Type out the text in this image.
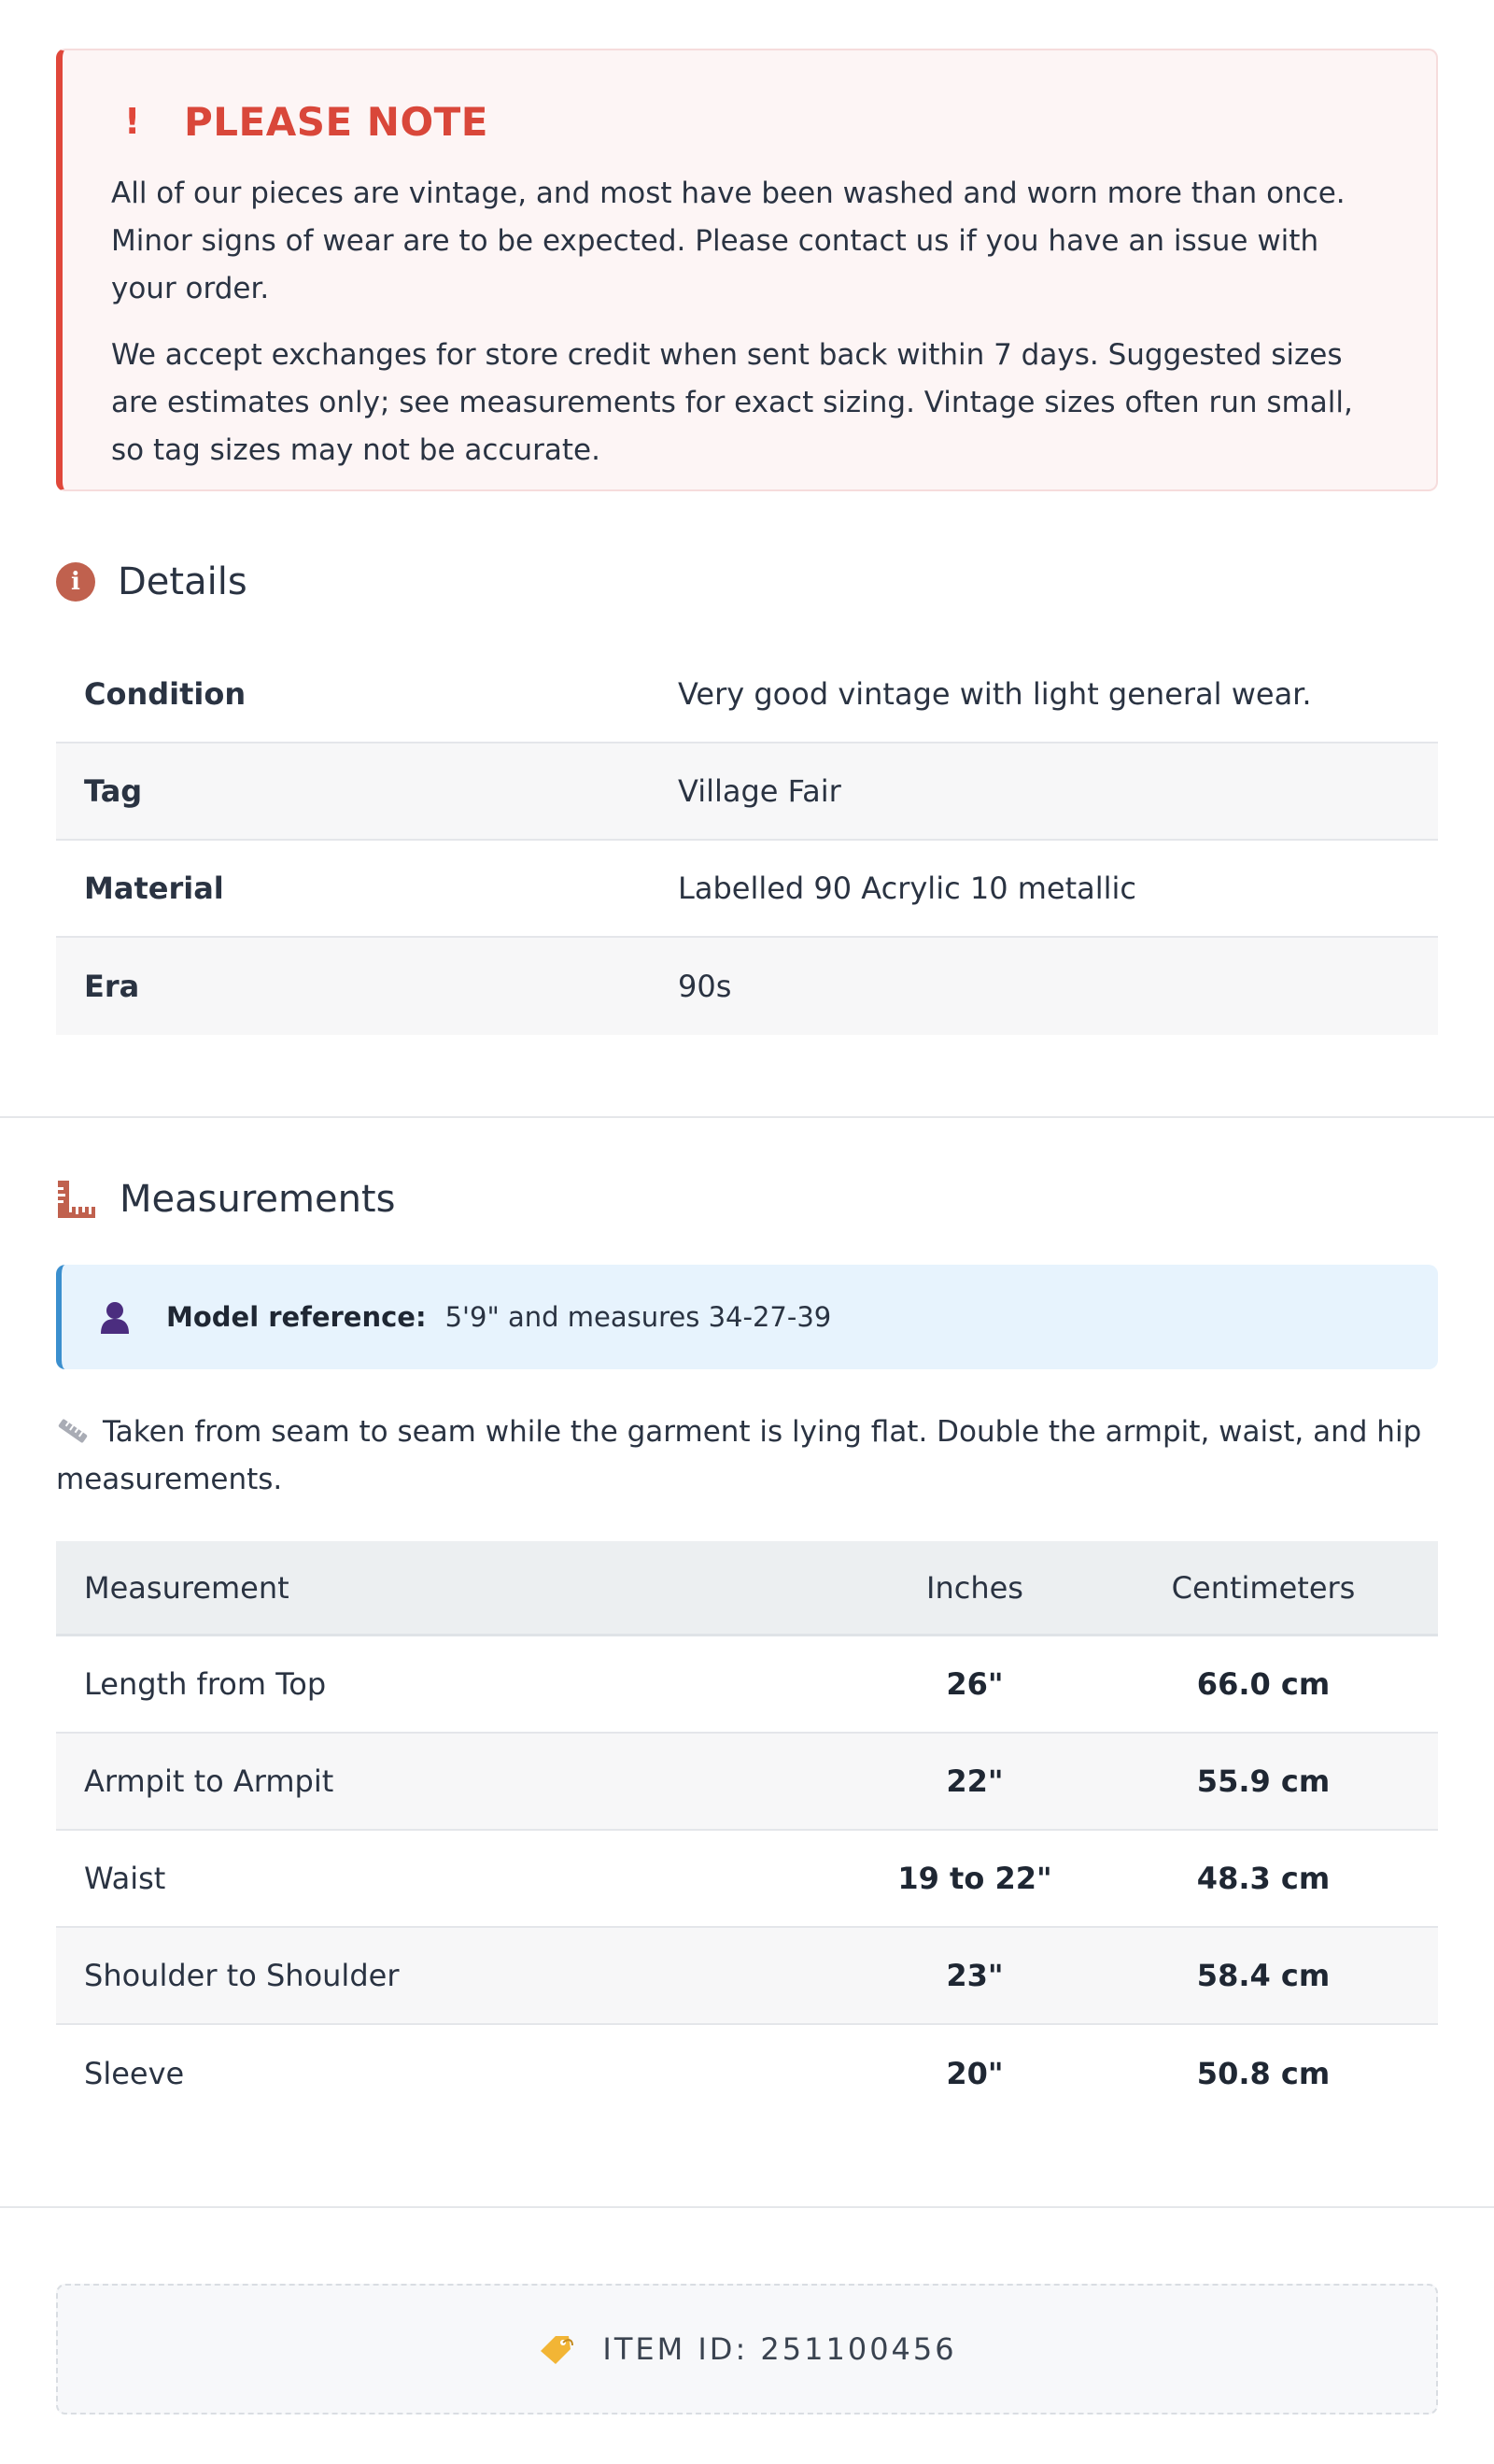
!	PLEASE NOTE

All of our pieces are vintage, and most have been washed and worn more than once. Minor signs of wear are to be expected. Please contact us if you have an issue with your order.

We accept exchanges for store credit when sent back within 7 days. Suggested sizes are estimates only; see measurements for exact sizing. Vintage sizes often run small, so tag sizes may not be accurate.

i	Details
Condition	Very good vintage with light general wear.
Tag	Village Fair
Material	Labelled 90 Acrylic 10 metallic
Era	90s
Measurements
Model reference: 5'9" and measures 34-27-39
Taken from seam to seam while the garment is lying flat. Double the armpit, waist, and hip measurements.
Measurement	Inches	Centimeters
Length from Top	26"	66.0 cm
Armpit to Armpit	22"	55.9 cm
Waist	19 to 22"	48.3 cm
Shoulder to Shoulder	23"	58.4 cm
Sleeve	20"	50.8 cm
ITEM ID: 251100456
